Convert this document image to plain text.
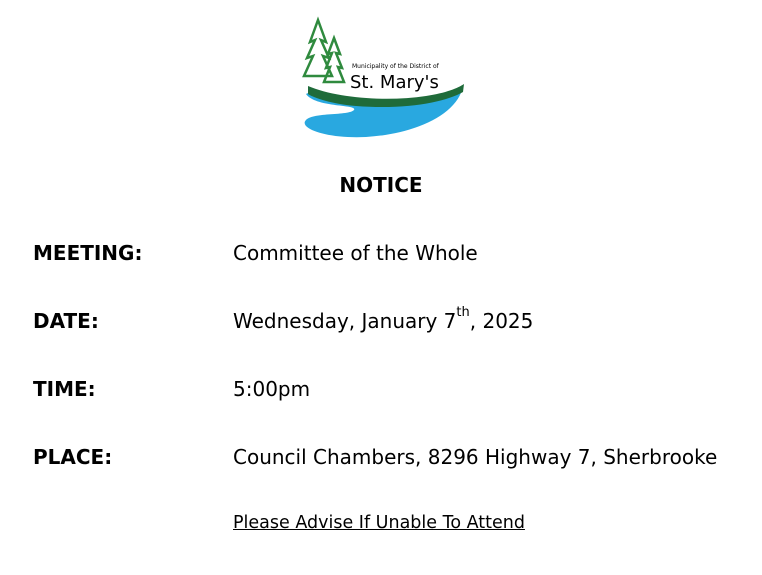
Municipality of the District of
St. Mary's
NOTICE
MEETING:	Committee of the Whole
DATE:	Wednesday, January 7th, 2025
TIME:	5:00pm
PLACE:	Council Chambers, 8296 Highway 7, Sherbrooke
Please Advise If Unable To Attend
